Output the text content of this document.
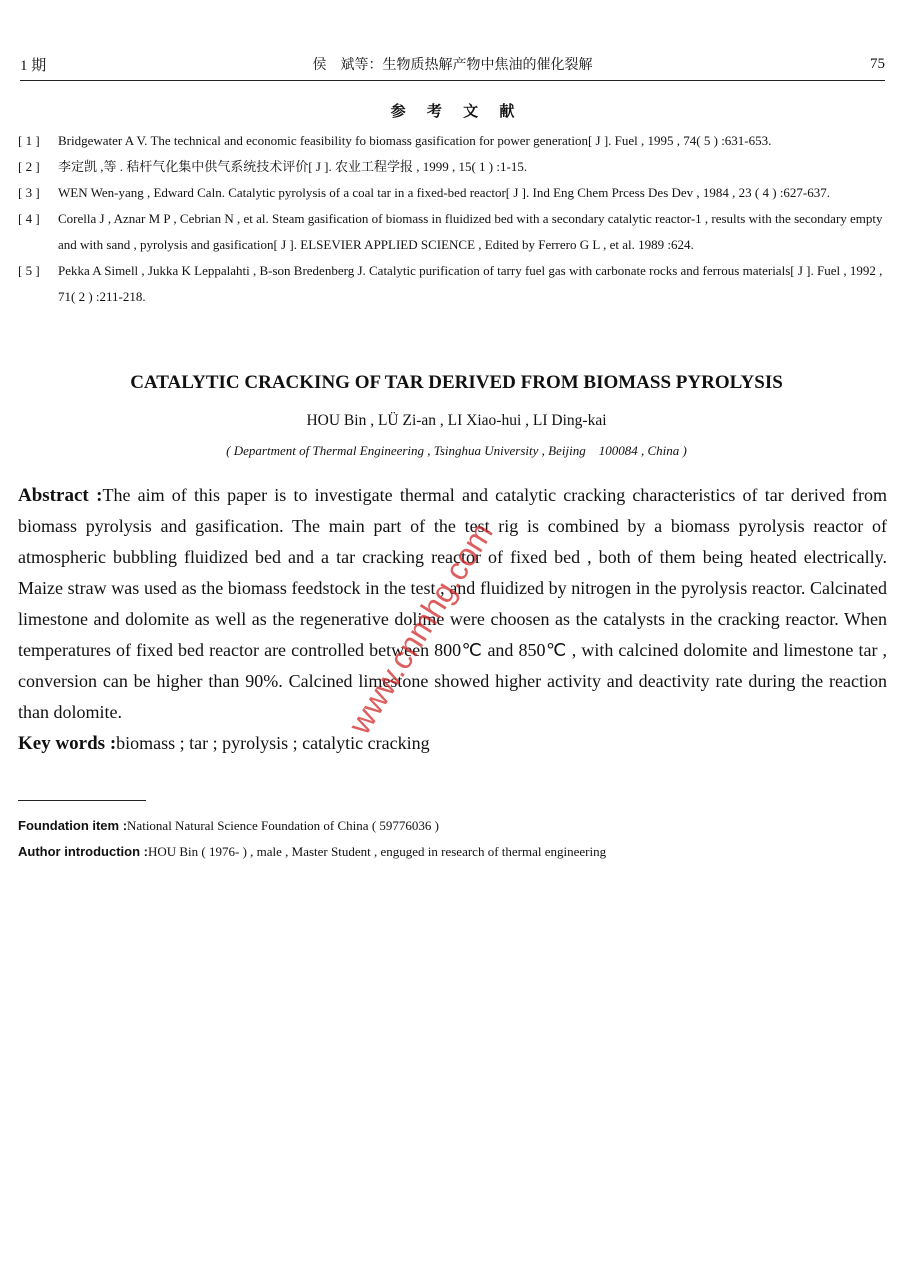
1 期	侯　斌等：生物质热解产物中焦油的催化裂解	75
参 考 文 献
[ 1 ]	Bridgewater A V. The technical and economic feasibility fo biomass gasification for power generation[ J ]. Fuel , 1995 , 74( 5 ) :631-653.
[ 2 ]	李定凯 ,等 . 秸杆气化集中供气系统技术评价[ J ]. 农业工程学报 , 1999 , 15( 1 ) :1-15.
[ 3 ]	WEN Wen-yang , Edward Caln. Catalytic pyrolysis of a coal tar in a fixed-bed reactor[ J ]. Ind Eng Chem Prcess Des Dev , 1984 , 23 ( 4 ) :627-637.
[ 4 ]	Corella J , Aznar M P , Cebrian N , et al. Steam gasification of biomass in fluidized bed with a secondary catalytic reactor-1 , results with the secondary empty and with sand , pyrolysis and gasification[ J ]. ELSEVIER APPLIED SCIENCE , Edited by Ferrero G L , et al. 1989 :624.
[ 5 ]	Pekka A Simell , Jukka K Leppalahti , B-son Bredenberg J. Catalytic purification of tarry fuel gas with carbonate rocks and ferrous materials[ J ]. Fuel , 1992 , 71( 2 ) :211-218.
CATALYTIC CRACKING OF TAR DERIVED FROM BIOMASS PYROLYSIS
HOU Bin , LÜ Zi-an , LI Xiao-hui , LI Ding-kai
( Department of Thermal Engineering , Tsinghua University , Beijing　100084 , China )
Abstract :The aim of this paper is to investigate thermal and catalytic cracking characteristics of tar derived from biomass pyrolysis and gasification. The main part of the test rig is combined by a biomass pyrolysis reactor of atmospheric bubbling fluidized bed and a tar cracking reactor of fixed bed , both of them being heated electrically. Maize straw was used as the biomass feedstock in the test , and fluidized by nitrogen in the pyrolysis reactor. Calcinated limestone and dolomite as well as the regenerative dolime were choosen as the catalysts in the cracking reactor. When temperatures of fixed bed reactor are controlled between 800℃ and 850℃ , with calcined dolomite and limestone tar , conversion can be higher than 90%. Calcined limestone showed higher activity and deactivity rate during the reaction than dolomite.
Key words :biomass ; tar ; pyrolysis ; catalytic cracking
Foundation item :National Natural Science Foundation of China ( 59776036 )
Author introduction :HOU Bin ( 1976- ) , male , Master Student , enguged in research of thermal engineering
www.cnmhg.com
